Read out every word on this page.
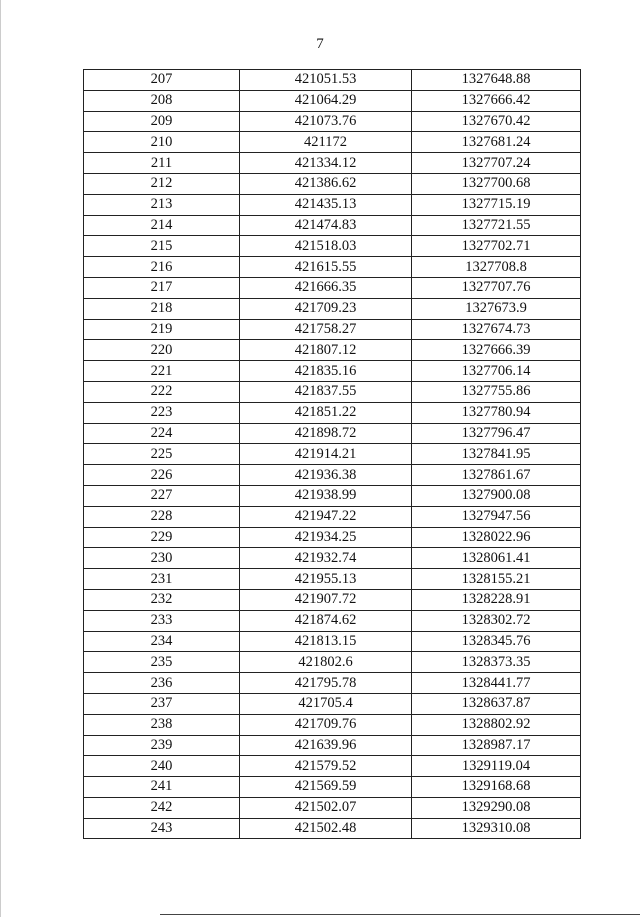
7
207	421051.53	1327648.88
208	421064.29	1327666.42
209	421073.76	1327670.42
210	421172	1327681.24
211	421334.12	1327707.24
212	421386.62	1327700.68
213	421435.13	1327715.19
214	421474.83	1327721.55
215	421518.03	1327702.71
216	421615.55	1327708.8
217	421666.35	1327707.76
218	421709.23	1327673.9
219	421758.27	1327674.73
220	421807.12	1327666.39
221	421835.16	1327706.14
222	421837.55	1327755.86
223	421851.22	1327780.94
224	421898.72	1327796.47
225	421914.21	1327841.95
226	421936.38	1327861.67
227	421938.99	1327900.08
228	421947.22	1327947.56
229	421934.25	1328022.96
230	421932.74	1328061.41
231	421955.13	1328155.21
232	421907.72	1328228.91
233	421874.62	1328302.72
234	421813.15	1328345.76
235	421802.6	1328373.35
236	421795.78	1328441.77
237	421705.4	1328637.87
238	421709.76	1328802.92
239	421639.96	1328987.17
240	421579.52	1329119.04
241	421569.59	1329168.68
242	421502.07	1329290.08
243	421502.48	1329310.08
